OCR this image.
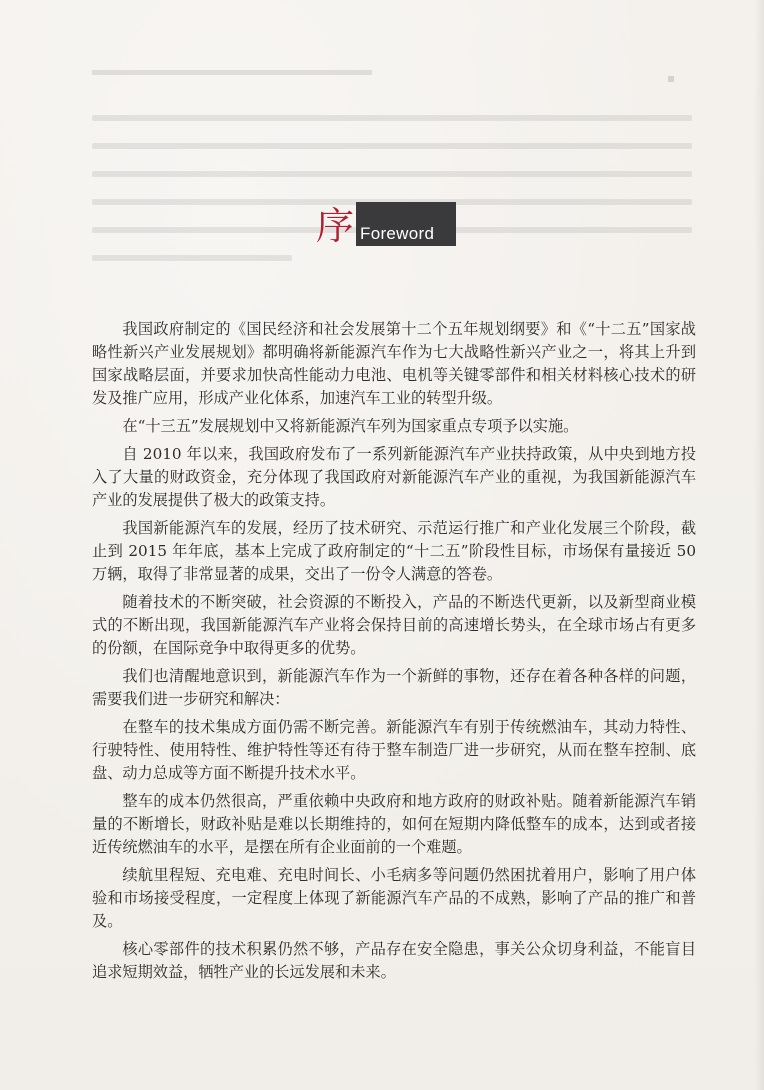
序 Foreword

我国政府制定的《国民经济和社会发展第十二个五年规划纲要》和《“十二五”国家战略性新兴产业发展规划》都明确将新能源汽车作为七大战略性新兴产业之一，将其上升到国家战略层面，并要求加快高性能动力电池、电机等关键零部件和相关材料核心技术的研发及推广应用，形成产业化体系，加速汽车工业的转型升级。

在“十三五”发展规划中又将新能源汽车列为国家重点专项予以实施。

自 2010 年以来，我国政府发布了一系列新能源汽车产业扶持政策，从中央到地方投入了大量的财政资金，充分体现了我国政府对新能源汽车产业的重视，为我国新能源汽车产业的发展提供了极大的政策支持。

我国新能源汽车的发展，经历了技术研究、示范运行推广和产业化发展三个阶段，截止到 2015 年年底，基本上完成了政府制定的“十二五”阶段性目标，市场保有量接近 50 万辆，取得了非常显著的成果，交出了一份令人满意的答卷。

随着技术的不断突破，社会资源的不断投入，产品的不断迭代更新，以及新型商业模式的不断出现，我国新能源汽车产业将会保持目前的高速增长势头，在全球市场占有更多的份额，在国际竞争中取得更多的优势。

我们也清醒地意识到，新能源汽车作为一个新鲜的事物，还存在着各种各样的问题，需要我们进一步研究和解决：

在整车的技术集成方面仍需不断完善。新能源汽车有别于传统燃油车，其动力特性、行驶特性、使用特性、维护特性等还有待于整车制造厂进一步研究，从而在整车控制、底盘、动力总成等方面不断提升技术水平。

整车的成本仍然很高，严重依赖中央政府和地方政府的财政补贴。随着新能源汽车销量的不断增长，财政补贴是难以长期维持的，如何在短期内降低整车的成本，达到或者接近传统燃油车的水平，是摆在所有企业面前的一个难题。

续航里程短、充电难、充电时间长、小毛病多等问题仍然困扰着用户，影响了用户体验和市场接受程度，一定程度上体现了新能源汽车产品的不成熟，影响了产品的推广和普及。

核心零部件的技术积累仍然不够，产品存在安全隐患，事关公众切身利益，不能盲目追求短期效益，牺牲产业的长远发展和未来。
